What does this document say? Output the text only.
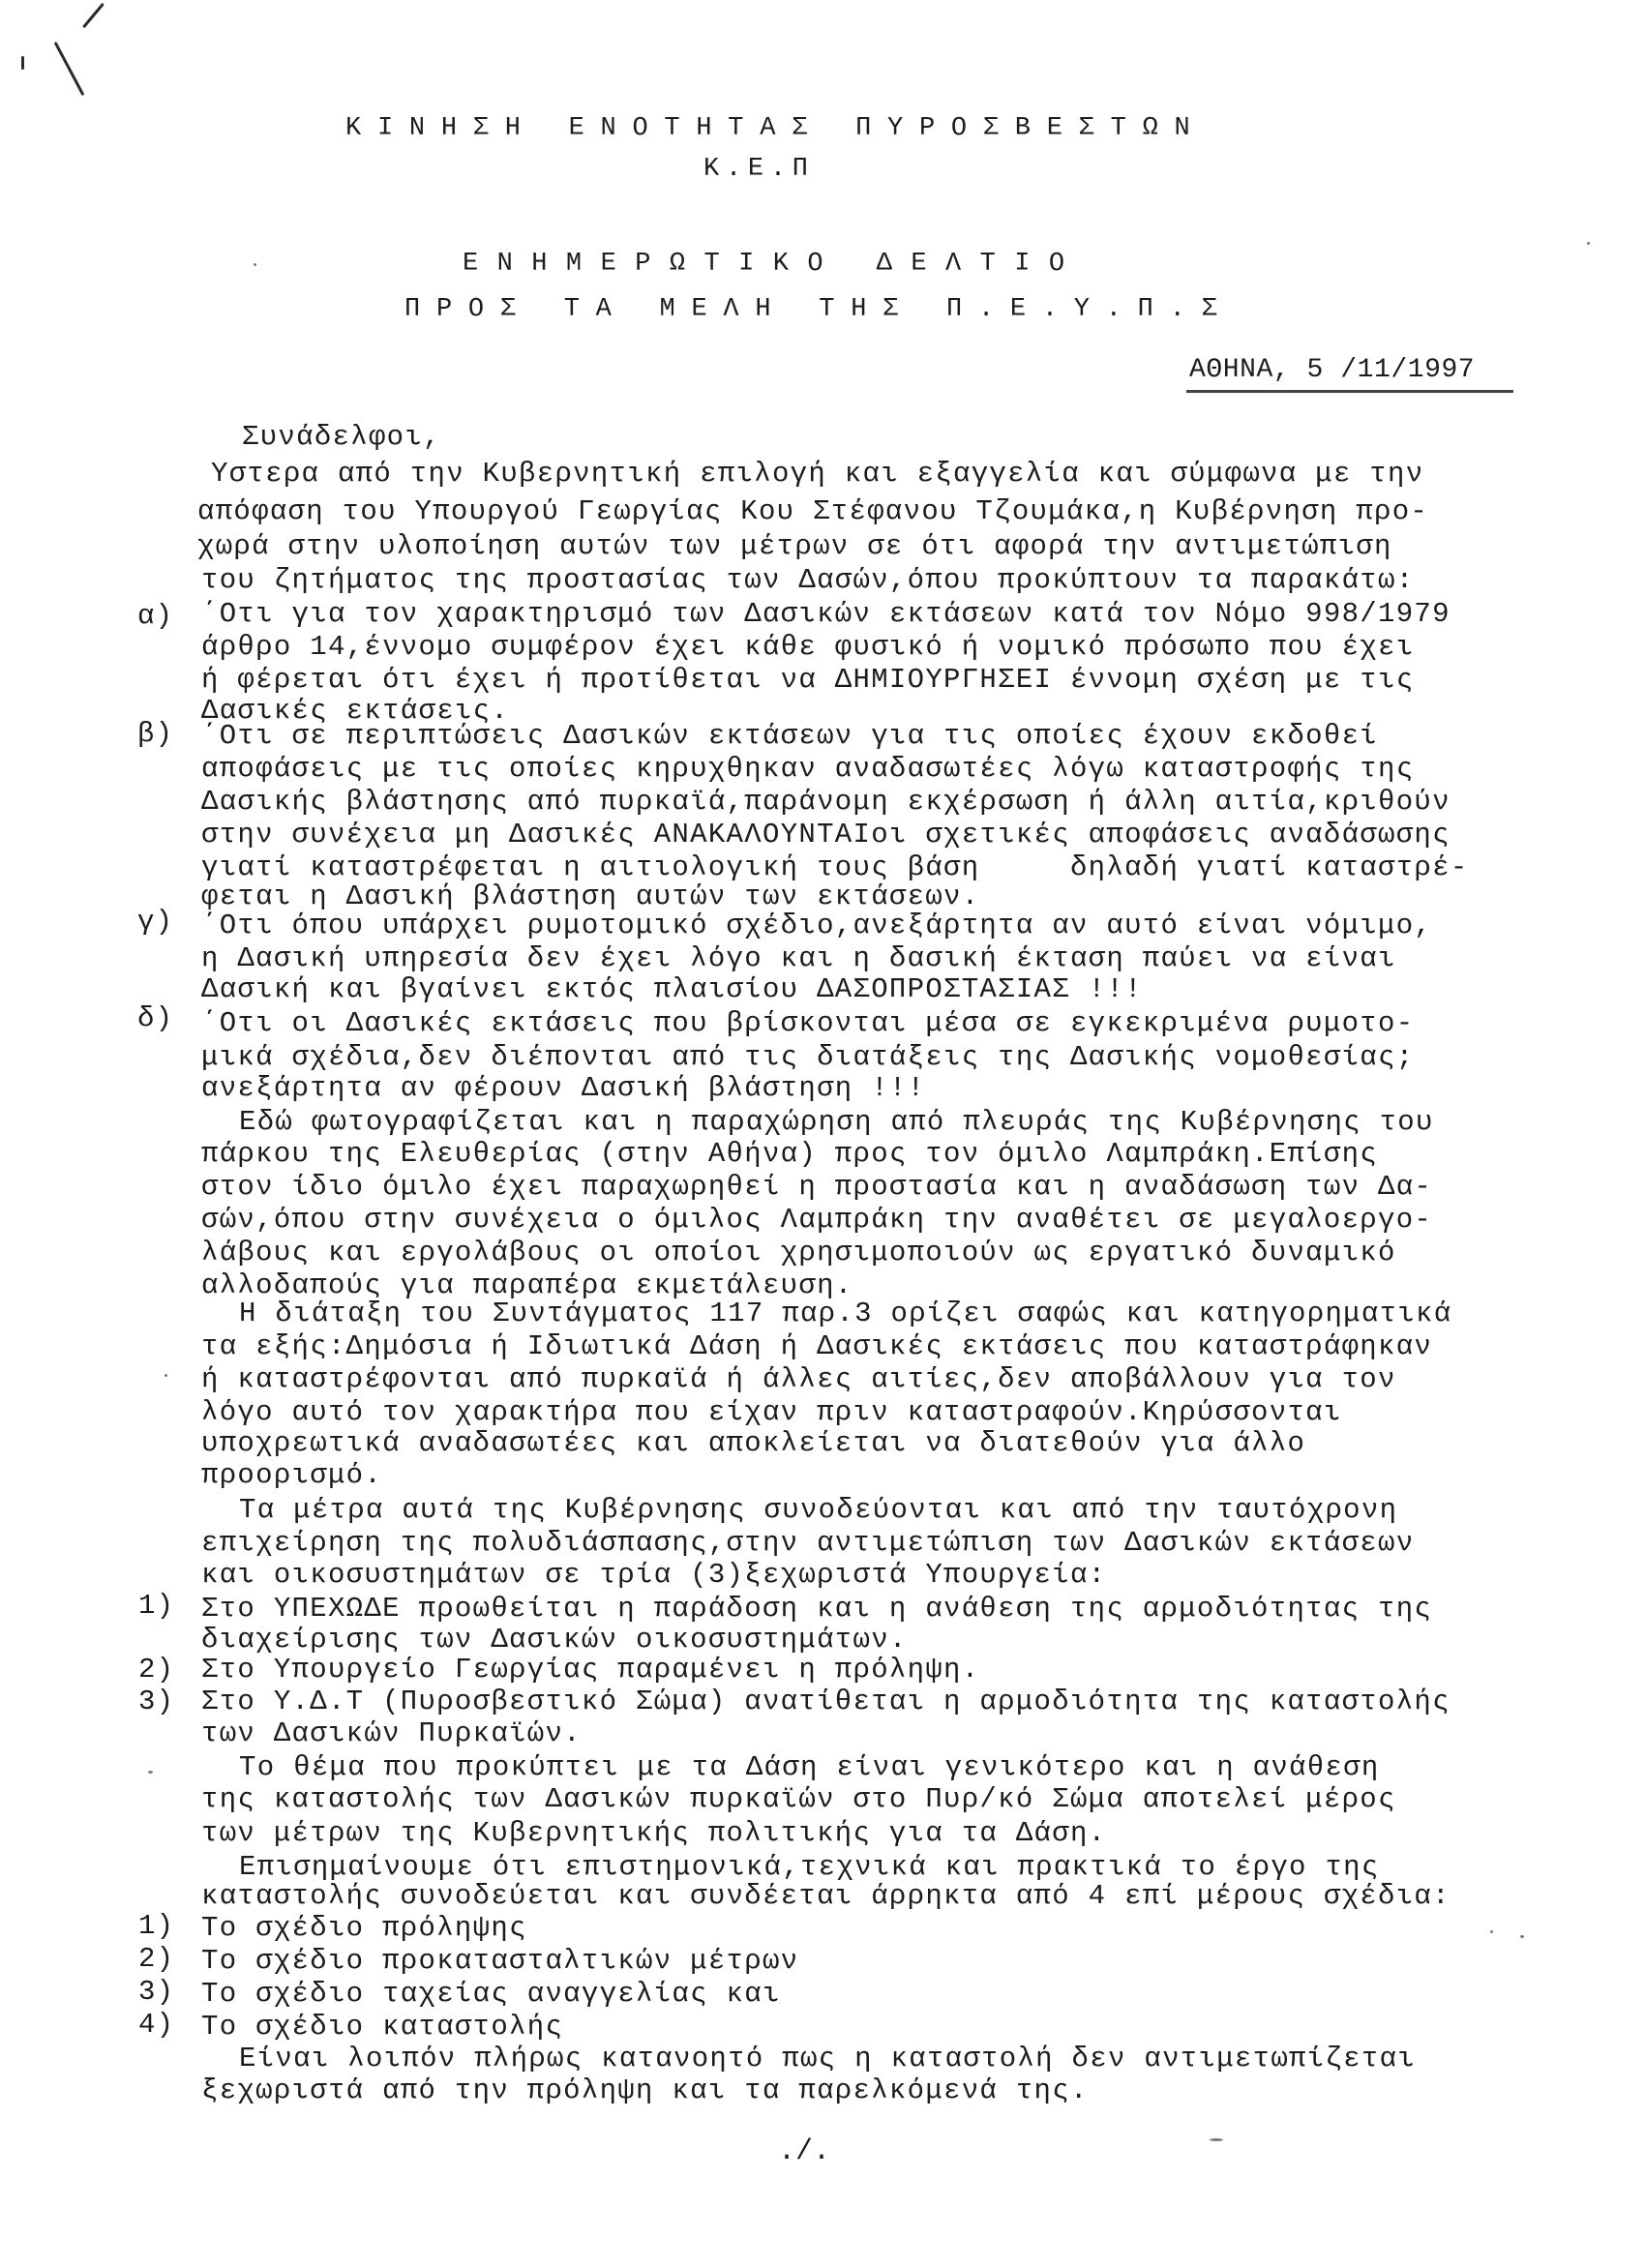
ΚΙΝΗΣΗ ΕΝΟΤΗΤΑΣ ΠΥΡΟΣΒΕΣΤΩΝ
Κ.Ε.Π
ΕΝΗΜΕΡΩΤΙΚΟ ΔΕΛΤΙΟ
ΠΡΟΣ ΤΑ ΜΕΛΗ ΤΗΣ Π.Ε.Υ.Π.Σ
ΑΘΗΝΑ, 5 /11/1997
Συνάδελφοι,
Υστερα από την Κυβερνητική επιλογή και εξαγγελία και σύμφωνα με την
απόφαση του Υπουργού Γεωργίας Κου Στέφανου Τζουμάκα,η Κυβέρνηση προ-
χωρά στην υλοποίηση αυτών των μέτρων σε ότι αφορά την αντιμετώπιση
του ζητήματος της προστασίας των Δασών,όπου προκύπτουν τα παρακάτω:
α) ΄Οτι για τον χαρακτηρισμό των Δασικών εκτάσεων κατά τον Νόμο 998/1979
άρθρο 14,έννομο συμφέρον έχει κάθε φυσικό ή νομικό πρόσωπο που έχει
ή φέρεται ότι έχει ή προτίθεται να ΔΗΜΙΟΥΡΓΗΣΕΙ έννομη σχέση με τις
Δασικές εκτάσεις.
β) ΄Οτι σε περιπτώσεις Δασικών εκτάσεων για τις οποίες έχουν εκδοθεί
αποφάσεις με τις οποίες κηρυχθηκαν αναδασωτέες λόγω καταστροφής της
Δασικής βλάστησης από πυρκαϊά,παράνομη εκχέρσωση ή άλλη αιτία,κριθούν
στην συνέχεια μη Δασικές ΑΝΑΚΑΛΟΥΝΤΑΙοι σχετικές αποφάσεις αναδάσωσης
γιατί καταστρέφεται η αιτιολογική τους βάση     δηλαδή γιατί καταστρέ-
φεται η Δασική βλάστηση αυτών των εκτάσεων.
γ) ΄Οτι όπου υπάρχει ρυμοτομικό σχέδιο,ανεξάρτητα αν αυτό είναι νόμιμο,
η Δασική υπηρεσία δεν έχει λόγο και η δασική έκταση παύει να είναι
Δασική και βγαίνει εκτός πλαισίου ΔΑΣΟΠΡΟΣΤΑΣΙΑΣ !!!
δ) ΄Οτι οι Δασικές εκτάσεις που βρίσκονται μέσα σε εγκεκριμένα ρυμοτο-
μικά σχέδια,δεν διέπονται από τις διατάξεις της Δασικής νομοθεσίας;
ανεξάρτητα αν φέρουν Δασική βλάστηση !!!
Εδώ φωτογραφίζεται και η παραχώρηση από πλευράς της Κυβέρνησης του
πάρκου της Ελευθερίας (στην Αθήνα) προς τον όμιλο Λαμπράκη.Επίσης
στον ίδιο όμιλο έχει παραχωρηθεί η προστασία και η αναδάσωση των Δα-
σών,όπου στην συνέχεια ο όμιλος Λαμπράκη την αναθέτει σε μεγαλοεργο-
λάβους και εργολάβους οι οποίοι χρησιμοποιούν ως εργατικό δυναμικό
αλλοδαπούς για παραπέρα εκμετάλευση.
Η διάταξη του Συντάγματος 117 παρ.3 ορίζει σαφώς και κατηγορηματικά
τα εξής:Δημόσια ή Ιδιωτικά Δάση ή Δασικές εκτάσεις που καταστράφηκαν
ή καταστρέφονται από πυρκαϊά ή άλλες αιτίες,δεν αποβάλλουν για τον
λόγο αυτό τον χαρακτήρα που είχαν πριν καταστραφούν.Κηρύσσονται
υποχρεωτικά αναδασωτέες και αποκλείεται να διατεθούν για άλλο
προορισμό.
Τα μέτρα αυτά της Κυβέρνησης συνοδεύονται και από την ταυτόχρονη
επιχείρηση της πολυδιάσπασης,στην αντιμετώπιση των Δασικών εκτάσεων
και οικοσυστημάτων σε τρία (3)ξεχωριστά Υπουργεία:
1) Στο ΥΠΕΧΩΔΕ προωθείται η παράδοση και η ανάθεση της αρμοδιότητας της
διαχείρισης των Δασικών οικοσυστημάτων.
2) Στο Υπουργείο Γεωργίας παραμένει η πρόληψη.
3) Στο Υ.Δ.Τ (Πυροσβεστικό Σώμα) ανατίθεται η αρμοδιότητα της καταστολής
των Δασικών Πυρκαϊών.
Το θέμα που προκύπτει με τα Δάση είναι γενικότερο και η ανάθεση
της καταστολής των Δασικών πυρκαϊών στο Πυρ/κό Σώμα αποτελεί μέρος
των μέτρων της Κυβερνητικής πολιτικής για τα Δάση.
Επισημαίνουμε ότι επιστημονικά,τεχνικά και πρακτικά το έργο της
καταστολής συνοδεύεται και συνδέεται άρρηκτα από 4 επί μέρους σχέδια:
1) Το σχέδιο πρόληψης
2) Το σχέδιο προκατασταλτικών μέτρων
3) Το σχέδιο ταχείας αναγγελίας και
4) Το σχέδιο καταστολής
Είναι λοιπόν πλήρως κατανοητό πως η καταστολή δεν αντιμετωπίζεται
ξεχωριστά από την πρόληψη και τα παρελκόμενά της.
./.
